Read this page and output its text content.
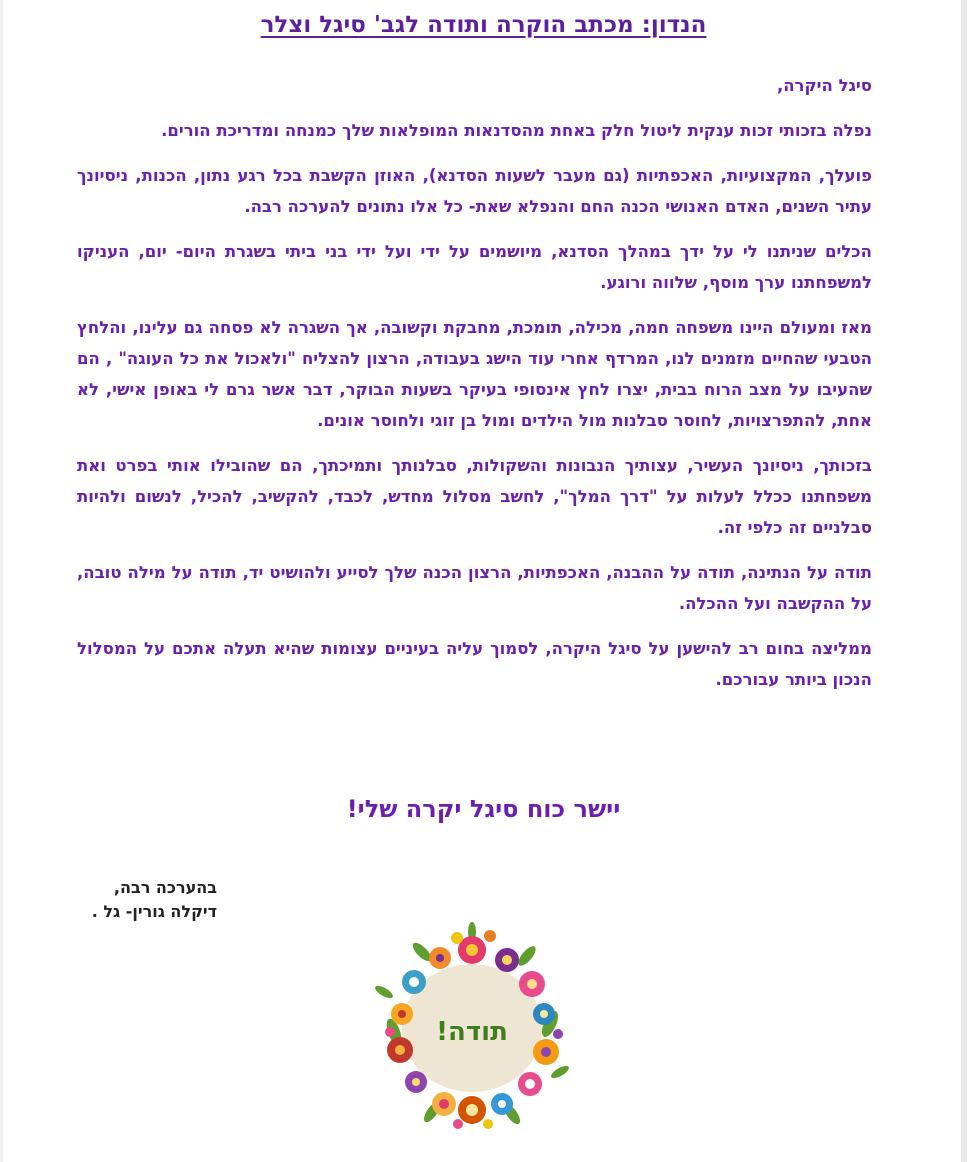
הנדון: מכתב הוקרה ותודה לגב' סיגל וצלר

סיגל היקרה,

נפלה בזכותי זכות ענקית ליטול חלק באחת מהסדנאות המופלאות שלך כמנחה ומדריכת הורים.

פועלך, המקצועיות, האכפתיות (גם מעבר לשעות הסדנא), האוזן הקשבת בכל רגע נתון, הכנות, ניסיונך עתיר השנים, האדם האנושי הכנה החם והנפלא שאת- כל אלו נתונים להערכה רבה.

הכלים שניתנו לי על ידך במהלך הסדנא, מיושמים על ידי ועל ידי בני ביתי בשגרת היום- יום, העניקו למשפחתנו ערך מוסף, שלווה ורוגע.

מאז ומעולם היינו משפחה חמה, מכילה, תומכת, מחבקת וקשובה, אך השגרה לא פסחה גם עלינו, והלחץ הטבעי שהחיים מזמנים לנו, המרדף אחרי עוד הישג בעבודה, הרצון להצליח "ולאכול את כל העוגה" , הם שהעיבו על מצב הרוח בבית, יצרו לחץ אינסופי בעיקר בשעות הבוקר, דבר אשר גרם לי באופן אישי, לא אחת, להתפרצויות, לחוסר סבלנות מול הילדים ומול בן זוגי ולחוסר אונים.

בזכותך, ניסיונך העשיר, עצותיך הנבונות והשקולות, סבלנותך ותמיכתך, הם שהובילו אותי בפרט ואת משפחתנו ככלל לעלות על "דרך המלך", לחשב מסלול מחדש, לכבד, להקשיב, להכיל, לנשום ולהיות סבלניים זה כלפי זה.

תודה על הנתינה, תודה על ההבנה, האכפתיות, הרצון הכנה שלך לסייע ולהושיט יד, תודה על מילה טובה, על ההקשבה ועל ההכלה.

ממליצה בחום רב להישען על סיגל היקרה, לסמוך עליה בעיניים עצומות שהיא תעלה אתכם על המסלול הנכון ביותר עבורכם.

יישר כוח סיגל יקרה שלי!
בהערכה רבה,
דיקלה גורין- גל .
תודה!
